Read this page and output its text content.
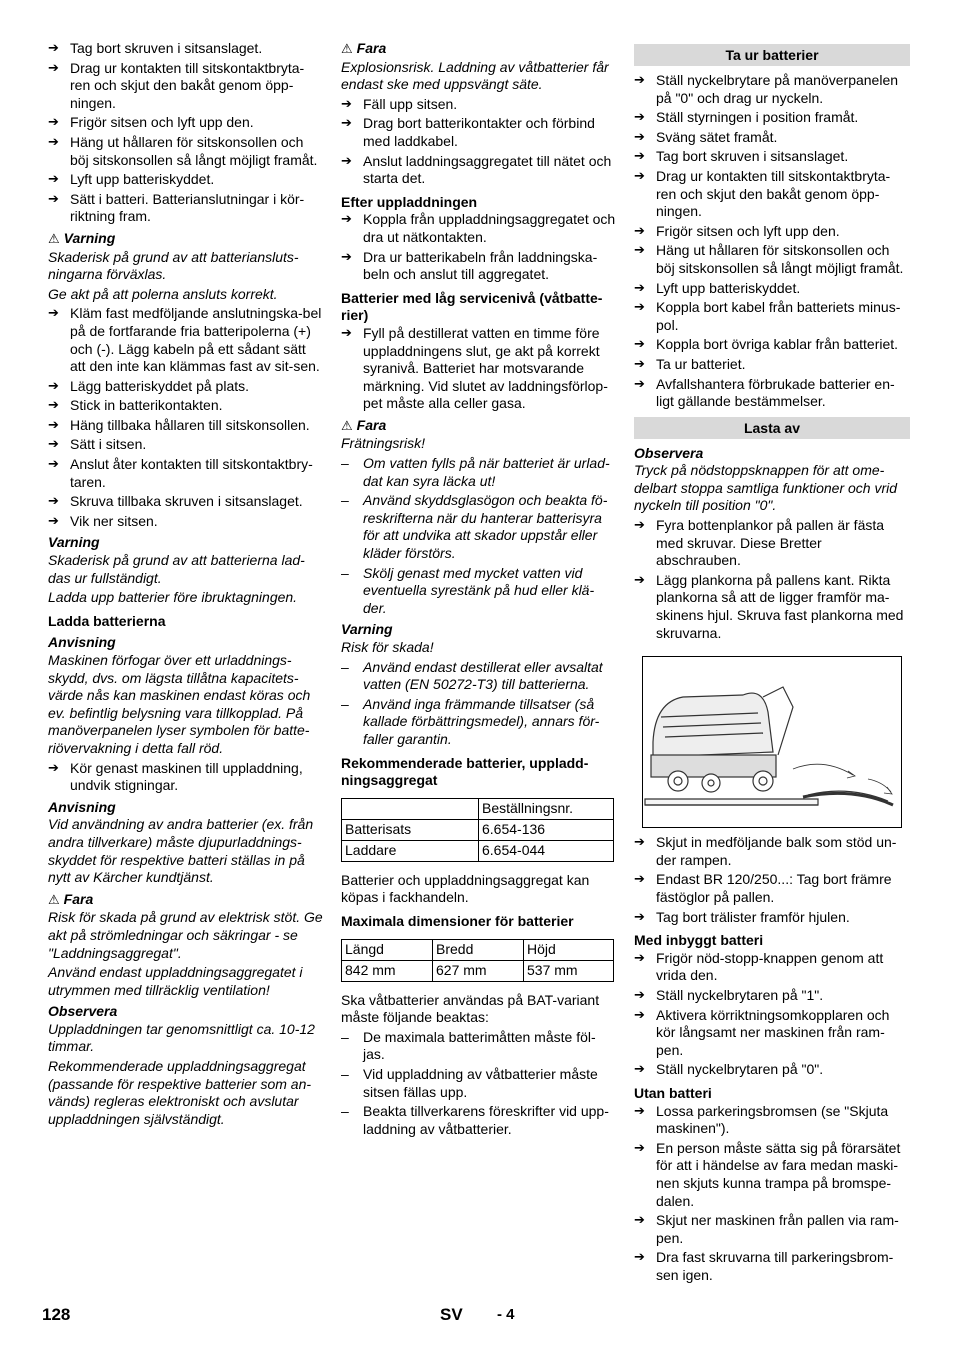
➔ Tag bort skruven i sitsanslaget.
➔ Drag ur kontakten till sitskontaktbryta-ren och skjut den bakåt genom öpp-ningen.
➔ Frigör sitsen och lyft upp den.
➔ Häng ut hållaren för sitskonsollen och böj sitskonsollen så långt möjligt framåt.
➔ Lyft upp batteriskyddet.
➔ Sätt i batteri. Batterianslutningar i kör-riktning fram.
⚠ Varning
Skaderisk på grund av att batteriansluts-ningarna förväxlas.
Ge akt på att polerna ansluts korrekt.
➔ Kläm fast medföljande anslutningska-bel på de fortfarande fria batteripolerna (+) och (-). Lägg kabeln på ett sådant sätt att den inte kan klämmas fast av sit-sen.
➔ Lägg batteriskyddet på plats.
➔ Stick in batterikontakten.
➔ Häng tillbaka hållaren till sitskonsollen.
➔ Sätt i sitsen.
➔ Anslut åter kontakten till sitskontaktbry-taren.
➔ Skruva tillbaka skruven i sitsanslaget.
➔ Vik ner sitsen.
Varning
Skaderisk på grund av att batterierna lad-das ur fullständigt.
Ladda upp batterier före ibruktagningen.
Ladda batterierna
Anvisning
Maskinen förfogar över ett urladdnings-skydd, dvs. om lägsta tillåtna kapacitets-värde nås kan maskinen endast köras och ev. befintlig belysning vara tillkopplad. På manöverpanelen lyser symbolen för batte-riövervakning i detta fall röd.
➔ Kör genast maskinen till uppladdning, undvik stigningar.
Anvisning
Vid användning av andra batterier (ex. från andra tillverkare) måste djupurladdnings-skyddet för respektive batteri ställas in på nytt av Kärcher kundtjänst.
⚠ Fara
Risk för skada på grund av elektrisk stöt. Ge akt på strömledningar och säkringar - se "Laddningsaggregat".
Använd endast uppladdningsaggregatet i utrymmen med tillräcklig ventilation!
Observera
Uppladdningen tar genomsnittligt ca. 10-12 timmar.
Rekommenderade uppladdningsaggregat (passande för respektive batterier som an-vänds) regleras elektroniskt och avslutar uppladdningen självständigt.
⚠ Fara
Explosionsrisk. Laddning av våtbatterier får endast ske med uppsvängt säte.
➔ Fäll upp sitsen.
➔ Drag bort batterikontakter och förbind med laddkabel.
➔ Anslut laddningsaggregatet till nätet och starta det.
Efter uppladdningen
➔ Koppla från uppladdningsaggregatet och dra ut nätkontakten.
➔ Dra ur batterikabeln från laddningska-beln och anslut till aggregatet.
Batterier med låg servicenivå (våtbatte-rier)
➔ Fyll på destillerat vatten en timme före uppladdningens slut, ge akt på korrekt syranivå. Batteriet har motsvarande märkning. Vid slutet av laddningsförlop-pet måste alla celler gasa.
⚠ Fara
Frätningsrisk!
– Om vatten fylls på när batteriet är urlad-dat kan syra läcka ut!
– Använd skyddsglasögon och beakta fö-reskrifterna när du hanterar batterisyra för att undvika att skador uppstår eller kläder förstörs.
– Skölj genast med mycket vatten vid eventuella syrestänk på hud eller klä-der.
Varning
Risk för skada!
– Använd endast destillerat eller avsaltat vatten (EN 50272-T3) till batterierna.
– Använd inga främmande tillsatser (så kallade förbättringsmedel), annars för-faller garantin.
Rekommenderade batterier, uppladd-ningsaggregat
	Beställningsnr.
Batterisats	6.654-136
Laddare	6.654-044
Batterier och uppladdningsaggregat kan köpas i fackhandeln.
Maximala dimensioner för batterier
Längd	Bredd	Höjd
842 mm	627 mm	537 mm
Ska våtbatterier användas på BAT-variant måste följande beaktas:
– De maximala batterimåtten måste föl-jas.
– Vid uppladdning av våtbatterier måste sitsen fällas upp.
– Beakta tillverkarens föreskrifter vid upp-laddning av våtbatterier.
Ta ur batterier
➔ Ställ nyckelbrytare på manöverpanelen på "0" och drag ur nyckeln.
➔ Ställ styrningen i position framåt.
➔ Sväng sätet framåt.
➔ Tag bort skruven i sitsanslaget.
➔ Drag ur kontakten till sitskontaktbryta-ren och skjut den bakåt genom öpp-ningen.
➔ Frigör sitsen och lyft upp den.
➔ Häng ut hållaren för sitskonsollen och böj sitskonsollen så långt möjligt framåt.
➔ Lyft upp batteriskyddet.
➔ Koppla bort kabel från batteriets minus-pol.
➔ Koppla bort övriga kablar från batteriet.
➔ Ta ur batteriet.
➔ Avfallshantera förbrukade batterier en-ligt gällande bestämmelser.
Lasta av
Observera
Tryck på nödstoppsknappen för att ome-delbart stoppa samtliga funktioner och vrid nyckeln till position "0".
➔ Fyra bottenplankor på pallen är fästa med skruvar. Diese Bretter abschrauben.
➔ Lägg plankorna på pallens kant. Rikta plankorna så att de ligger framför ma-skinens hjul. Skruva fast plankorna med skruvarna.
➔ Skjut in medföljande balk som stöd un-der rampen.
➔ Endast BR 120/250...: Tag bort främre fästöglor på pallen.
➔ Tag bort trälister framför hjulen.
Med inbyggt batteri
➔ Frigör nöd-stopp-knappen genom att vrida den.
➔ Ställ nyckelbrytaren på "1".
➔ Aktivera körriktningsomkopplaren och kör långsamt ner maskinen från ram-pen.
➔ Ställ nyckelbrytaren på "0".
Utan batteri
➔ Lossa parkeringsbromsen (se "Skjuta maskinen").
➔ En person måste sätta sig på förarsätet för att i händelse av fara medan maski-nen skjuts kunna trampa på bromspe-dalen.
➔ Skjut ner maskinen från pallen via ram-pen.
➔ Dra fast skruvarna till parkeringsbrom-sen igen.
128	SV - 4
